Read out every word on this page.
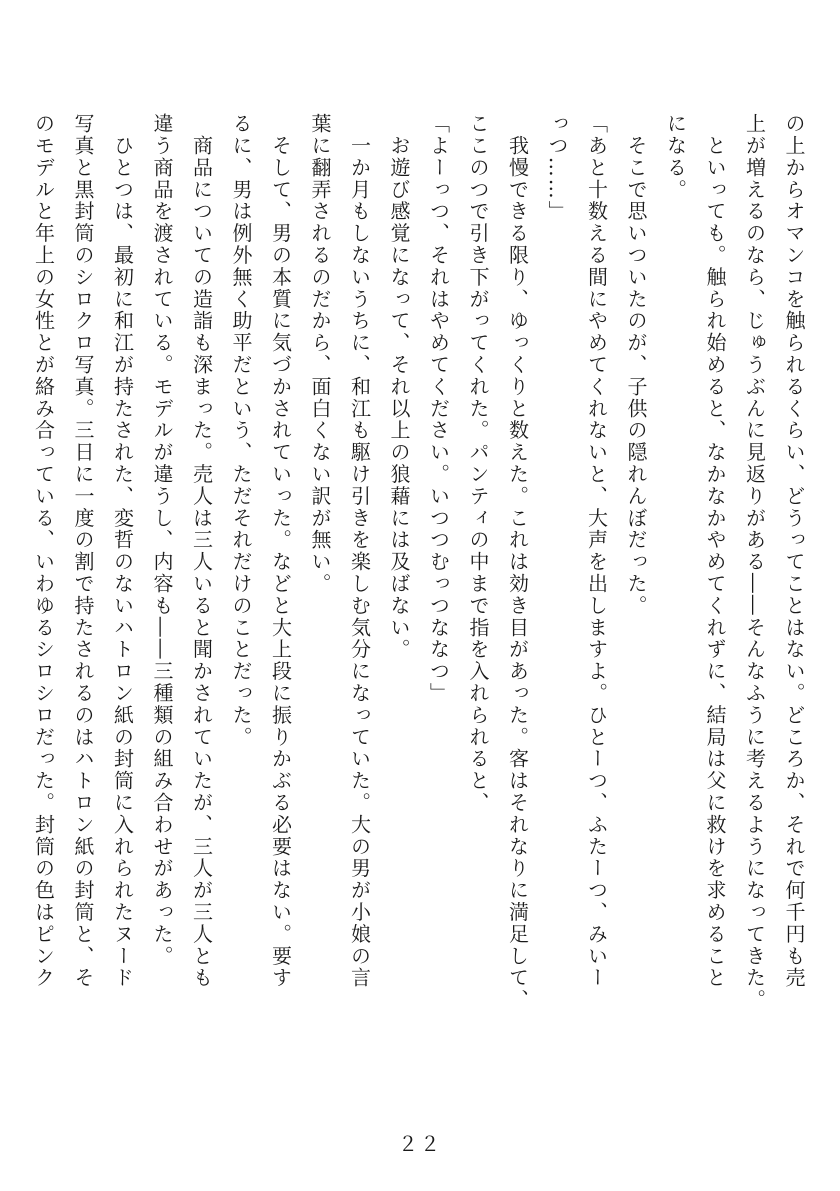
の上からオマンコを触られるくらい、どうってことはない。どころか、それで何千円も売
上が増えるのなら、じゅうぶんに見返りがある――そんなふうに考えるようになってきた。
　といっても。触られ始めると、なかなかやめてくれずに、結局は父に救けを求めること
になる。
　そこで思いついたのが、子供の隠れんぼだった。
「あと十数える間にやめてくれないと、大声を出しますよ。ひとーつ、ふたーつ、みいー
っつ……」
　我慢できる限り、ゆっくりと数えた。これは効き目があった。客はそれなりに満足して、
ここのつで引き下がってくれた。パンティの中まで指を入れられると、
「よーっつ、それはやめてください。いつつむっつななつ」
　お遊び感覚になって、それ以上の狼藉には及ばない。
　一か月もしないうちに、和江も駆け引きを楽しむ気分になっていた。大の男が小娘の言
葉に翻弄されるのだから、面白くない訳が無い。
　そして、男の本質に気づかされていった。などと大上段に振りかぶる必要はない。要す
るに、男は例外無く助平だという、ただそれだけのことだった。
　商品についての造詣も深まった。売人は三人いると聞かされていたが、三人が三人とも
違う商品を渡されている。モデルが違うし、内容も――三種類の組み合わせがあった。
　ひとつは、最初に和江が持たされた、変哲のないハトロン紙の封筒に入れられたヌード
写真と黒封筒のシロクロ写真。三日に一度の割で持たされるのはハトロン紙の封筒と、そ
のモデルと年上の女性とが絡み合っている、いわゆるシロシロだった。封筒の色はピンク
２２
